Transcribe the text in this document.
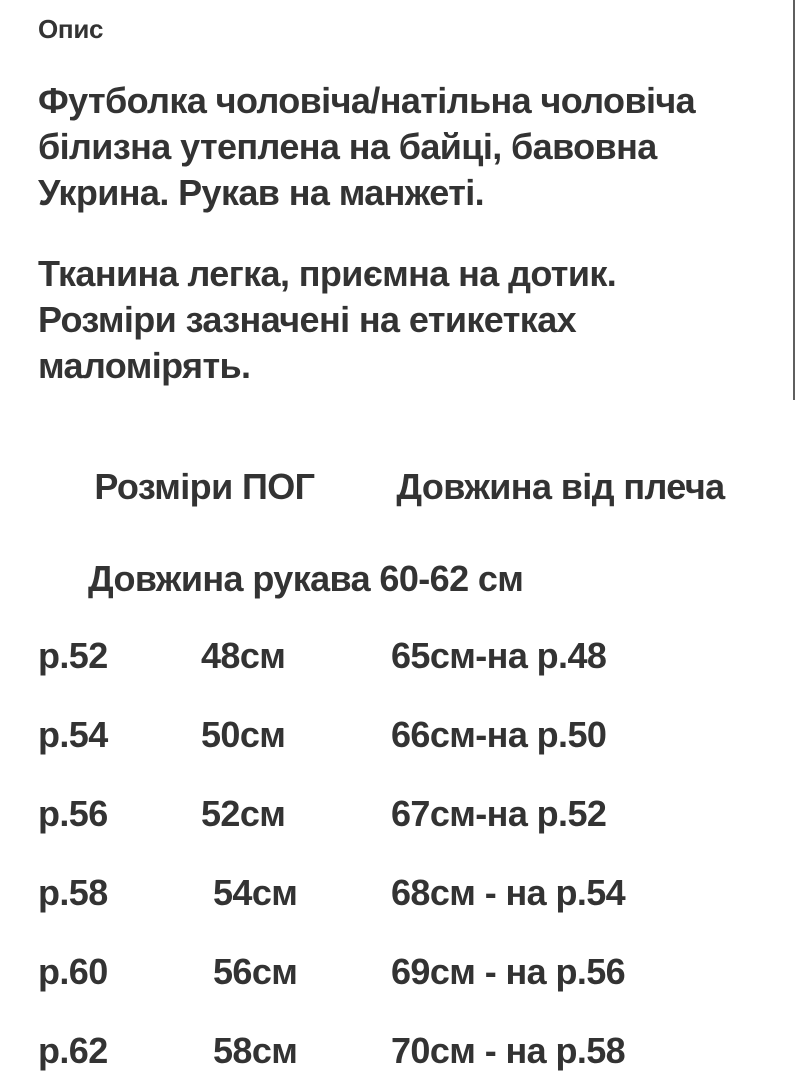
Опис
Футболка чоловіча/натільна чоловіча
білизна утеплена на байці, бавовна
Укрина. Рукав на манжеті.
Тканина легка, приємна на дотик.
Розміри зазначені на етикетках
маломірять.

Розміри ПОГ Довжина від плеча

Довжина рукава 60-62 см
р.52	48см	65см-на р.48
р.54	50см	66см-на р.50
р.56	52см	67см-на р.52
р.58	54см	68см - на р.54
р.60	56см	69см - на р.56
р.62	58см	70см - на р.58
